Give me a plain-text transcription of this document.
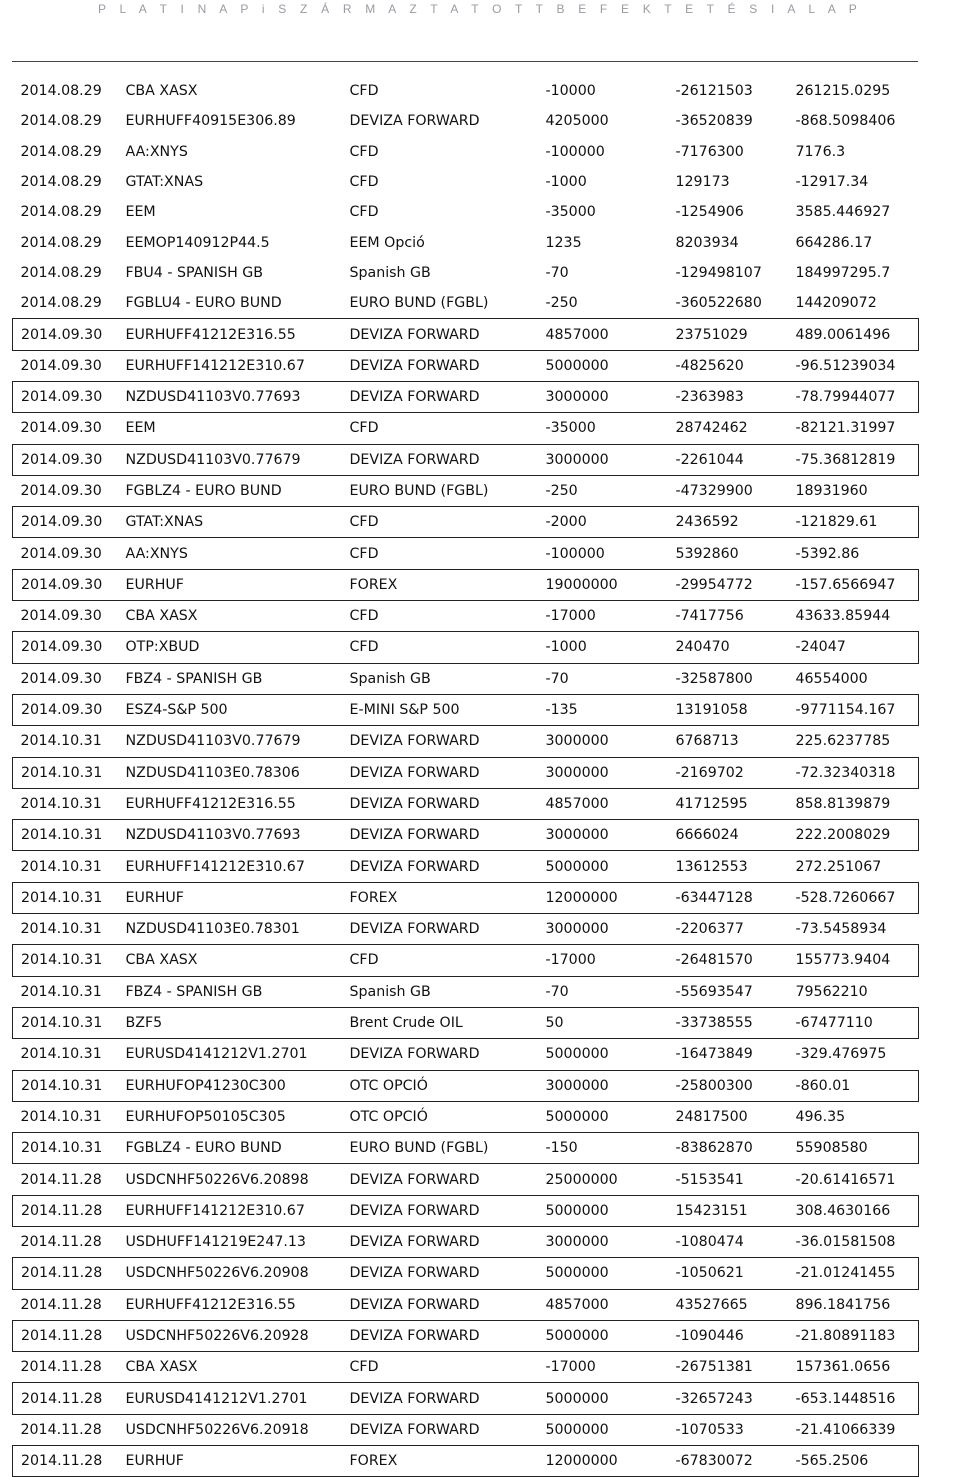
P L A T I N A P i S Z Á R M A Z T A T O T T B E F E K T E T É S I A L A P
2014.08.29	CBA XASX	CFD	-10000	-26121503	261215.0295
2014.08.29	EURHUFF40915E306.89	DEVIZA FORWARD	4205000	-36520839	-868.5098406
2014.08.29	AA:XNYS	CFD	-100000	-7176300	7176.3
2014.08.29	GTAT:XNAS	CFD	-1000	129173	-12917.34
2014.08.29	EEM	CFD	-35000	-1254906	3585.446927
2014.08.29	EEMOP140912P44.5	EEM Opció	1235	8203934	664286.17
2014.08.29	FBU4 - SPANISH GB	Spanish GB	-70	-129498107	184997295.7
2014.08.29	FGBLU4 - EURO BUND	EURO BUND (FGBL)	-250	-360522680	144209072
2014.09.30	EURHUFF41212E316.55	DEVIZA FORWARD	4857000	23751029	489.0061496
2014.09.30	EURHUFF141212E310.67	DEVIZA FORWARD	5000000	-4825620	-96.51239034
2014.09.30	NZDUSD41103V0.77693	DEVIZA FORWARD	3000000	-2363983	-78.79944077
2014.09.30	EEM	CFD	-35000	28742462	-82121.31997
2014.09.30	NZDUSD41103V0.77679	DEVIZA FORWARD	3000000	-2261044	-75.36812819
2014.09.30	FGBLZ4 - EURO BUND	EURO BUND (FGBL)	-250	-47329900	18931960
2014.09.30	GTAT:XNAS	CFD	-2000	2436592	-121829.61
2014.09.30	AA:XNYS	CFD	-100000	5392860	-5392.86
2014.09.30	EURHUF	FOREX	19000000	-29954772	-157.6566947
2014.09.30	CBA XASX	CFD	-17000	-7417756	43633.85944
2014.09.30	OTP:XBUD	CFD	-1000	240470	-24047
2014.09.30	FBZ4 - SPANISH GB	Spanish GB	-70	-32587800	46554000
2014.09.30	ESZ4-S&P 500	E-MINI S&P 500	-135	13191058	-9771154.167
2014.10.31	NZDUSD41103V0.77679	DEVIZA FORWARD	3000000	6768713	225.6237785
2014.10.31	NZDUSD41103E0.78306	DEVIZA FORWARD	3000000	-2169702	-72.32340318
2014.10.31	EURHUFF41212E316.55	DEVIZA FORWARD	4857000	41712595	858.8139879
2014.10.31	NZDUSD41103V0.77693	DEVIZA FORWARD	3000000	6666024	222.2008029
2014.10.31	EURHUFF141212E310.67	DEVIZA FORWARD	5000000	13612553	272.251067
2014.10.31	EURHUF	FOREX	12000000	-63447128	-528.7260667
2014.10.31	NZDUSD41103E0.78301	DEVIZA FORWARD	3000000	-2206377	-73.5458934
2014.10.31	CBA XASX	CFD	-17000	-26481570	155773.9404
2014.10.31	FBZ4 - SPANISH GB	Spanish GB	-70	-55693547	79562210
2014.10.31	BZF5	Brent Crude OIL	50	-33738555	-67477110
2014.10.31	EURUSD4141212V1.2701	DEVIZA FORWARD	5000000	-16473849	-329.476975
2014.10.31	EURHUFOP41230C300	OTC OPCIÓ	3000000	-25800300	-860.01
2014.10.31	EURHUFOP50105C305	OTC OPCIÓ	5000000	24817500	496.35
2014.10.31	FGBLZ4 - EURO BUND	EURO BUND (FGBL)	-150	-83862870	55908580
2014.11.28	USDCNHF50226V6.20898	DEVIZA FORWARD	25000000	-5153541	-20.61416571
2014.11.28	EURHUFF141212E310.67	DEVIZA FORWARD	5000000	15423151	308.4630166
2014.11.28	USDHUFF141219E247.13	DEVIZA FORWARD	3000000	-1080474	-36.01581508
2014.11.28	USDCNHF50226V6.20908	DEVIZA FORWARD	5000000	-1050621	-21.01241455
2014.11.28	EURHUFF41212E316.55	DEVIZA FORWARD	4857000	43527665	896.1841756
2014.11.28	USDCNHF50226V6.20928	DEVIZA FORWARD	5000000	-1090446	-21.80891183
2014.11.28	CBA XASX	CFD	-17000	-26751381	157361.0656
2014.11.28	EURUSD4141212V1.2701	DEVIZA FORWARD	5000000	-32657243	-653.1448516
2014.11.28	USDCNHF50226V6.20918	DEVIZA FORWARD	5000000	-1070533	-21.41066339
2014.11.28	EURHUF	FOREX	12000000	-67830072	-565.2506
